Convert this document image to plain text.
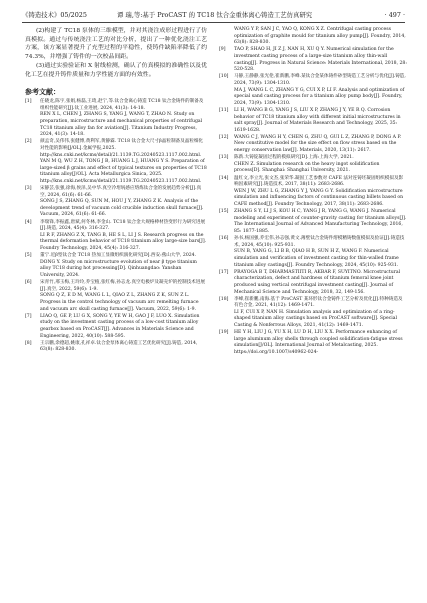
《铸造技术》05/2025	谭 瑞,等:基于 ProCAST 的 TC18 钛合金重体离心铸造工艺仿真研究	· 497 ·

(2)构建了 TC18 泵体的三维模型，并对其浇注成形过程进行了仿真模拟。通过与传统浇注工艺的对比分析，提出了一种优化浇注工艺方案，该方案显著提升了充型过程的平稳性，使铸件缺陷率降低了约 74.3%，并增强了铸件的一次校品间距。

(3)通过实验验证和 X 射线检测，确认了仿真模拟的准确性以及优化工艺在提升铸件质量和力学性能方面的有效性。

参考文献：
[1]	任晓龙,陈宇,张娟,杨磊,王琦,赵宁,等.钛合金离心铸造 TC18 钛合金铸件的制备及组织性能研究[J].钛工业进展, 2024, 41(3): 14-18.
REN X L, CHEN J, ZHANG S, YANG J, WANG T, ZHAO N. Study on preparation, microstructure and mechanical properties of centrifugal TC18 titanium alloy fan for aviation[J]. Titanium Industry Progress, 2024, 41(3): 14-18.
[2]	颜孟奇,吴伟伟,张健博,黄利军,黄静霖. TC18 钛合金大尺寸β晶粒制备及晶粒细化对性能的影响[J/OL].金属学报,2025. http://kns.cnki.net/kcms/detail/21.1139.TG.20240523.1117.002.html.
YAN M Q, WU Z H, TONG J B, HUANG L J, HUANG Y S. Preparation of large-sized β grains and effect of typical textures on properties of TC18 titanium alloy[J/OL]. Acta Metallurgica Sinica, 2025. http://kns.cnki.net/kcms/detail/21.1139.TG.20240523.1117.002.html.
[3]	宋静芸,张强,徐海,侯泽,吴中华.真空冷坩埚感应熔炼钛合金的发展趋势分析[J].真空, 2024, 61(6): 61-66.
SONG J S, ZHANG Q, SUN M, HOU J Y, ZHANG Z K. Analysis of the development trend of vacuum cold crucible induction skull furnace[J]. Vacuum, 2024, 61(6): 61-66.
[4]	李瑞锋,李振鑫,唐斌,何冬林,李金山. TC18 钛合金大规格棒材热变形行为研究进展[J].铸造, 2024, 45(4): 316-327.
LI R F, ZHANG Z X, TANG B, HE S L, LI J S. Research progress on the thermal deformation behavior of TC18 titanium alloy large-size bars[J]. Foundry Technology, 2024, 45(4): 316-327.
[5]	董宁.近β型钛合金 TC18 热加工显微组织演化研究[D].西安:燕山大学, 2024.
DONG Y. Study on microstructure evolution of near β type titanium alloy TC18 during hot processing[D]. Qinhuangdao: Yanshan University, 2024.
[6]	宋青竹,邢玉梅,王玲玲,乔宝植,张红梅,孙志龙.真空电极炉及凝壳炉的控制技术进展[J].真空, 2022, 59(6): 1-9.
SONG Q Z, E D M, WANG L L, QIAO Z L, ZHANG Z K, SUN Z L. Progress in the control technology of vacuum arc remelting furnace and vacuum arc skull casting furnace[J]. Vacuum, 2022, 59(6): 1-9.
[7]	LIAO Q, GE P, LU G X, SONG Y, YE W H, GAO J F, LUO X. Simulation study on the investment casting process of a low-cost titanium alloy gearbox based on ProCAST[J]. Advances in Materials Science and Engineering, 2022, 40(10): 588-595.
[8]	王宗鹏,余德超,姚康,孔祥卓.钛合金泵体离心铸造工艺优化研究[J].铸造, 2014, 63(8): 828-830.
WANG Y P, SAN J C, YAO Q, KONG X Z. Centrifugal casting process optimization of graphite mould for titanium alloy pump[J]. Foundry, 2014, 63(8): 828-830.
[9]	TAO P, SHAO H, JI Z J, NAN H, XU Q Y. Numerical simulation for the investment casting process of a large-size titanium alloy thin-wall casting[J]. Progress in Natural Science: Materials International, 2018, 28: 520-528.
[10]	马静,王静静,张光伦,崔新鹏,李峰.某钛合金某体铸件砂型铸造工艺分析与优化[J].铸造, 2024, 73(9): 1304-1310.
MA J, WANG L C, ZHANG Y G, CUI X P, LI F. Analysis and optimization of special sand casting process for a titanium alloy pump body[J]. Foundry, 2024, 73(9): 1304-1310.
[11]	LI H, WANG B G, YANG J S, LIU X P, ZHANG J Y, YE R Q. Corrosion behavior of TC18 titanium alloy with different initial microstructures in salt spray[J]. Journal of Materials Research and Technology, 2025, 35: 1619-1628.
[12]	WANG C J, WANG H Y, CHEN G, ZHU Q, GUI L Z, ZHANG P, DONG A P. New constitutive model for the size effect on flow stress based on the energy conservation law[J]. Materials, 2020, 13(11): 2617.
[13]	陈新.大铸锭凝固过程的模拟研究[D].上海:上海大学, 2021.
CHEN Z. Simulation research on the heavy ingot solidification process[D]. Shanghai: Shanghai University, 2021.
[14]	温红文,李立光,张文杰,张荣华.凝固工艺参数对 CAFE 法对连铸坯凝固组织模拟及影响因素研究[J].铸造技术, 2017, 38(11): 2683-2686.
WEN J W, ZHU L G, ZHANG Y J, YANG G Y. Solidification microstructure simulation and influencing factors of continuous casting billets based on CAFE method[J]. Foundry Technology, 2017, 38(11): 2683-2686.
[15]	ZHANG S Y, LI J S, KOU H C, YANG J R, YANG G, WANG J. Numerical modeling and experiment of counter-gravity casting for titanium alloys[J]. The International Journal of Advanced Manufacturing Technology, 2016, 85: 1877-1885.
[16]	孙书,杨国强,乔宏伟,孙志强,黄文.薄壁钛合金铸件熔模精铸数值模拟及验证[J].铸造技术, 2024, 45(10): 925-931.
SUN B, YANG G, LI B B, QIAO H B, SUN H Z, WANG F. Numerical simulation and verification of investment casting for thin-walled frame titanium alloy castings[J]. Foundry Technology, 2024, 45(10): 925-931.
[17]	PRAYOGA B T, DHARMASTIITI R, AKBAR F, SUYITNO. Microstructural characterization, defect and hardness of titanium femoral knee joint produced using vertical centrifugal investment casting[J]. Journal of Mechanical Science and Technology, 2018, 32, 149-156.
[18]	李峰,崔新鹏,南海.基于 ProCAST 某环形钛合金铸件工艺分析及优化[J].特种铸造及有色合金, 2021, 41(12): 1469-1471.
LI F, CUI X P, NAN H. Simulation analysis and optimization of a ring-shaped titanium alloy castings based on ProCAST software[J]. Special Casting & Nonferrous Alloys, 2021, 41(12): 1469-1471.
[19]	HE Y H, LIU J G, YU X H, LU D H, LIU X X. Performance enhancing of large aluminum alloy shells through coupled solidification-fatigue stress simulation[J/OL]. International Journal of Metalcasting, 2025. https://doi.org/10.1007/s40962-024-
